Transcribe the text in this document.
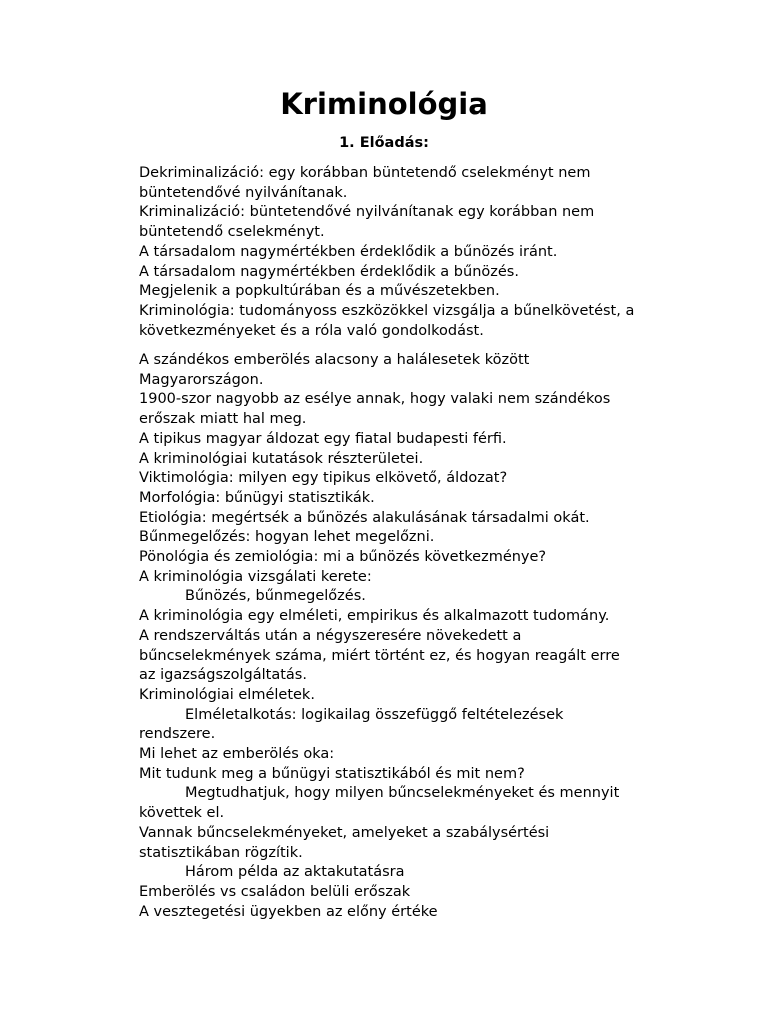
Kriminológia
1. Előadás:
Dekriminalizáció: egy korábban büntetendő cselekményt nem
büntetendővé nyilvánítanak.
Kriminalizáció: büntetendővé nyilvánítanak egy korábban nem
büntetendő cselekményt.
A társadalom nagymértékben érdeklődik a bűnözés iránt.
A társadalom nagymértékben érdeklődik a bűnözés.
Megjelenik a popkultúrában és a művészetekben.
Kriminológia: tudományoss eszközökkel vizsgálja a bűnelkövetést, a
következményeket és a róla való gondolkodást.
A szándékos emberölés alacsony a halálesetek között
Magyarországon.
1900-szor nagyobb az esélye annak, hogy valaki nem szándékos
erőszak miatt hal meg.
A tipikus magyar áldozat egy fiatal budapesti férfi.
A kriminológiai kutatások részterületei.
Viktimológia: milyen egy tipikus elkövető, áldozat?
Morfológia: bűnügyi statisztikák.
Etiológia: megértsék a bűnözés alakulásának társadalmi okát.
Bűnmegelőzés: hogyan lehet megelőzni.
Pönológia és zemiológia: mi a bűnözés következménye?
A kriminológia vizsgálati kerete:
Bűnözés, bűnmegelőzés.
A kriminológia egy elméleti, empirikus és alkalmazott tudomány.
A rendszerváltás után a négyszeresére növekedett a
bűncselekmények száma, miért történt ez, és hogyan reagált erre
az igazságszolgáltatás.
Kriminológiai elméletek.
Elméletalkotás: logikailag összefüggő feltételezések
rendszere.
Mi lehet az emberölés oka:
Mit tudunk meg a bűnügyi statisztikából és mit nem?
Megtudhatjuk, hogy milyen bűncselekményeket és mennyit
követtek el.
Vannak bűncselekményeket, amelyeket a szabálysértési
statisztikában rögzítik.
Három példa az aktakutatásra
Emberölés vs családon belüli erőszak
A vesztegetési ügyekben az előny értéke
